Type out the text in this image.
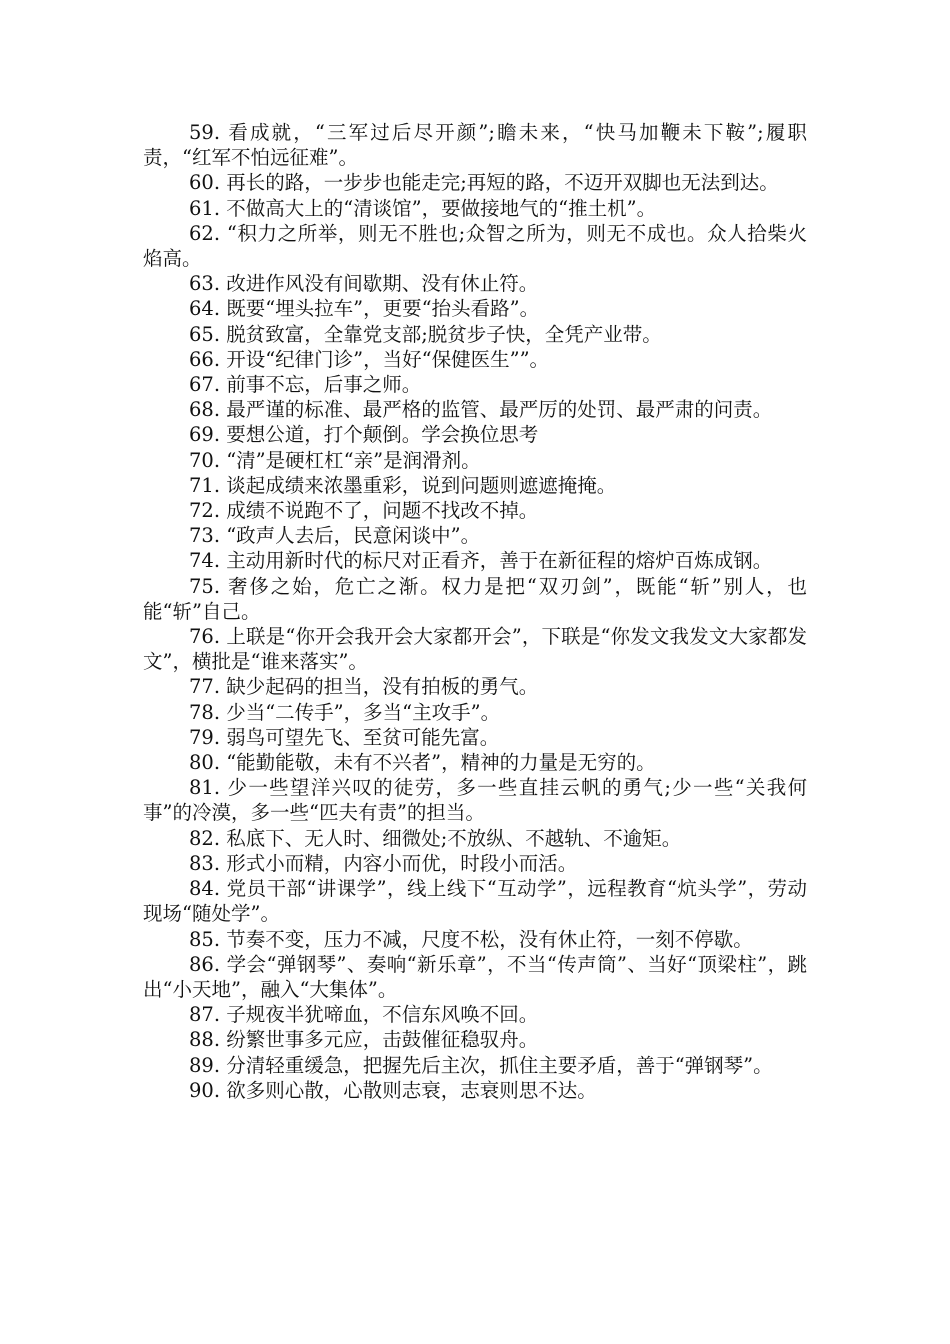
59. 看成就，“三军过后尽开颜”;瞻未来，“快马加鞭未下鞍”;履职责，“红军不怕远征难”。

60. 再长的路，一步步也能走完;再短的路，不迈开双脚也无法到达。

61. 不做高大上的“清谈馆”，要做接地气的“推土机”。

62. “积力之所举，则无不胜也;众智之所为，则无不成也。众人拾柴火焰高。

63. 改进作风没有间歇期、没有休止符。

64. 既要“埋头拉车”，更要“抬头看路”。

65. 脱贫致富，全靠党支部;脱贫步子快，全凭产业带。

66. 开设“纪律门诊”，当好“保健医生””。

67. 前事不忘，后事之师。

68. 最严谨的标准、最严格的监管、最严厉的处罚、最严肃的问责。

69. 要想公道，打个颠倒。学会换位思考

70. “清”是硬杠杠“亲”是润滑剂。

71. 谈起成绩来浓墨重彩，说到问题则遮遮掩掩。

72. 成绩不说跑不了，问题不找改不掉。

73. “政声人去后，民意闲谈中”。

74. 主动用新时代的标尺对正看齐，善于在新征程的熔炉百炼成钢。

75. 奢侈之始，危亡之渐。权力是把“双刃剑”，既能“斩”别人，也能“斩”自己。

76. 上联是“你开会我开会大家都开会”，下联是“你发文我发文大家都发文”，横批是“谁来落实”。

77. 缺少起码的担当，没有拍板的勇气。

78. 少当“二传手”，多当“主攻手”。

79. 弱鸟可望先飞、至贫可能先富。

80. “能勤能敬，未有不兴者”，精神的力量是无穷的。

81. 少一些望洋兴叹的徒劳，多一些直挂云帆的勇气;少一些“关我何事”的冷漠，多一些“匹夫有责”的担当。

82. 私底下、无人时、细微处;不放纵、不越轨、不逾矩。

83. 形式小而精，内容小而优，时段小而活。

84. 党员干部“讲课学”，线上线下“互动学”，远程教育“炕头学”，劳动现场“随处学”。

85. 节奏不变，压力不减，尺度不松，没有休止符，一刻不停歇。

86. 学会“弹钢琴”、奏响“新乐章”，不当“传声筒”、当好“顶梁柱”，跳出“小天地”，融入“大集体”。

87. 子规夜半犹啼血，不信东风唤不回。

88. 纷繁世事多元应，击鼓催征稳驭舟。

89. 分清轻重缓急，把握先后主次，抓住主要矛盾，善于“弹钢琴”。

90. 欲多则心散，心散则志衰，志衰则思不达。
